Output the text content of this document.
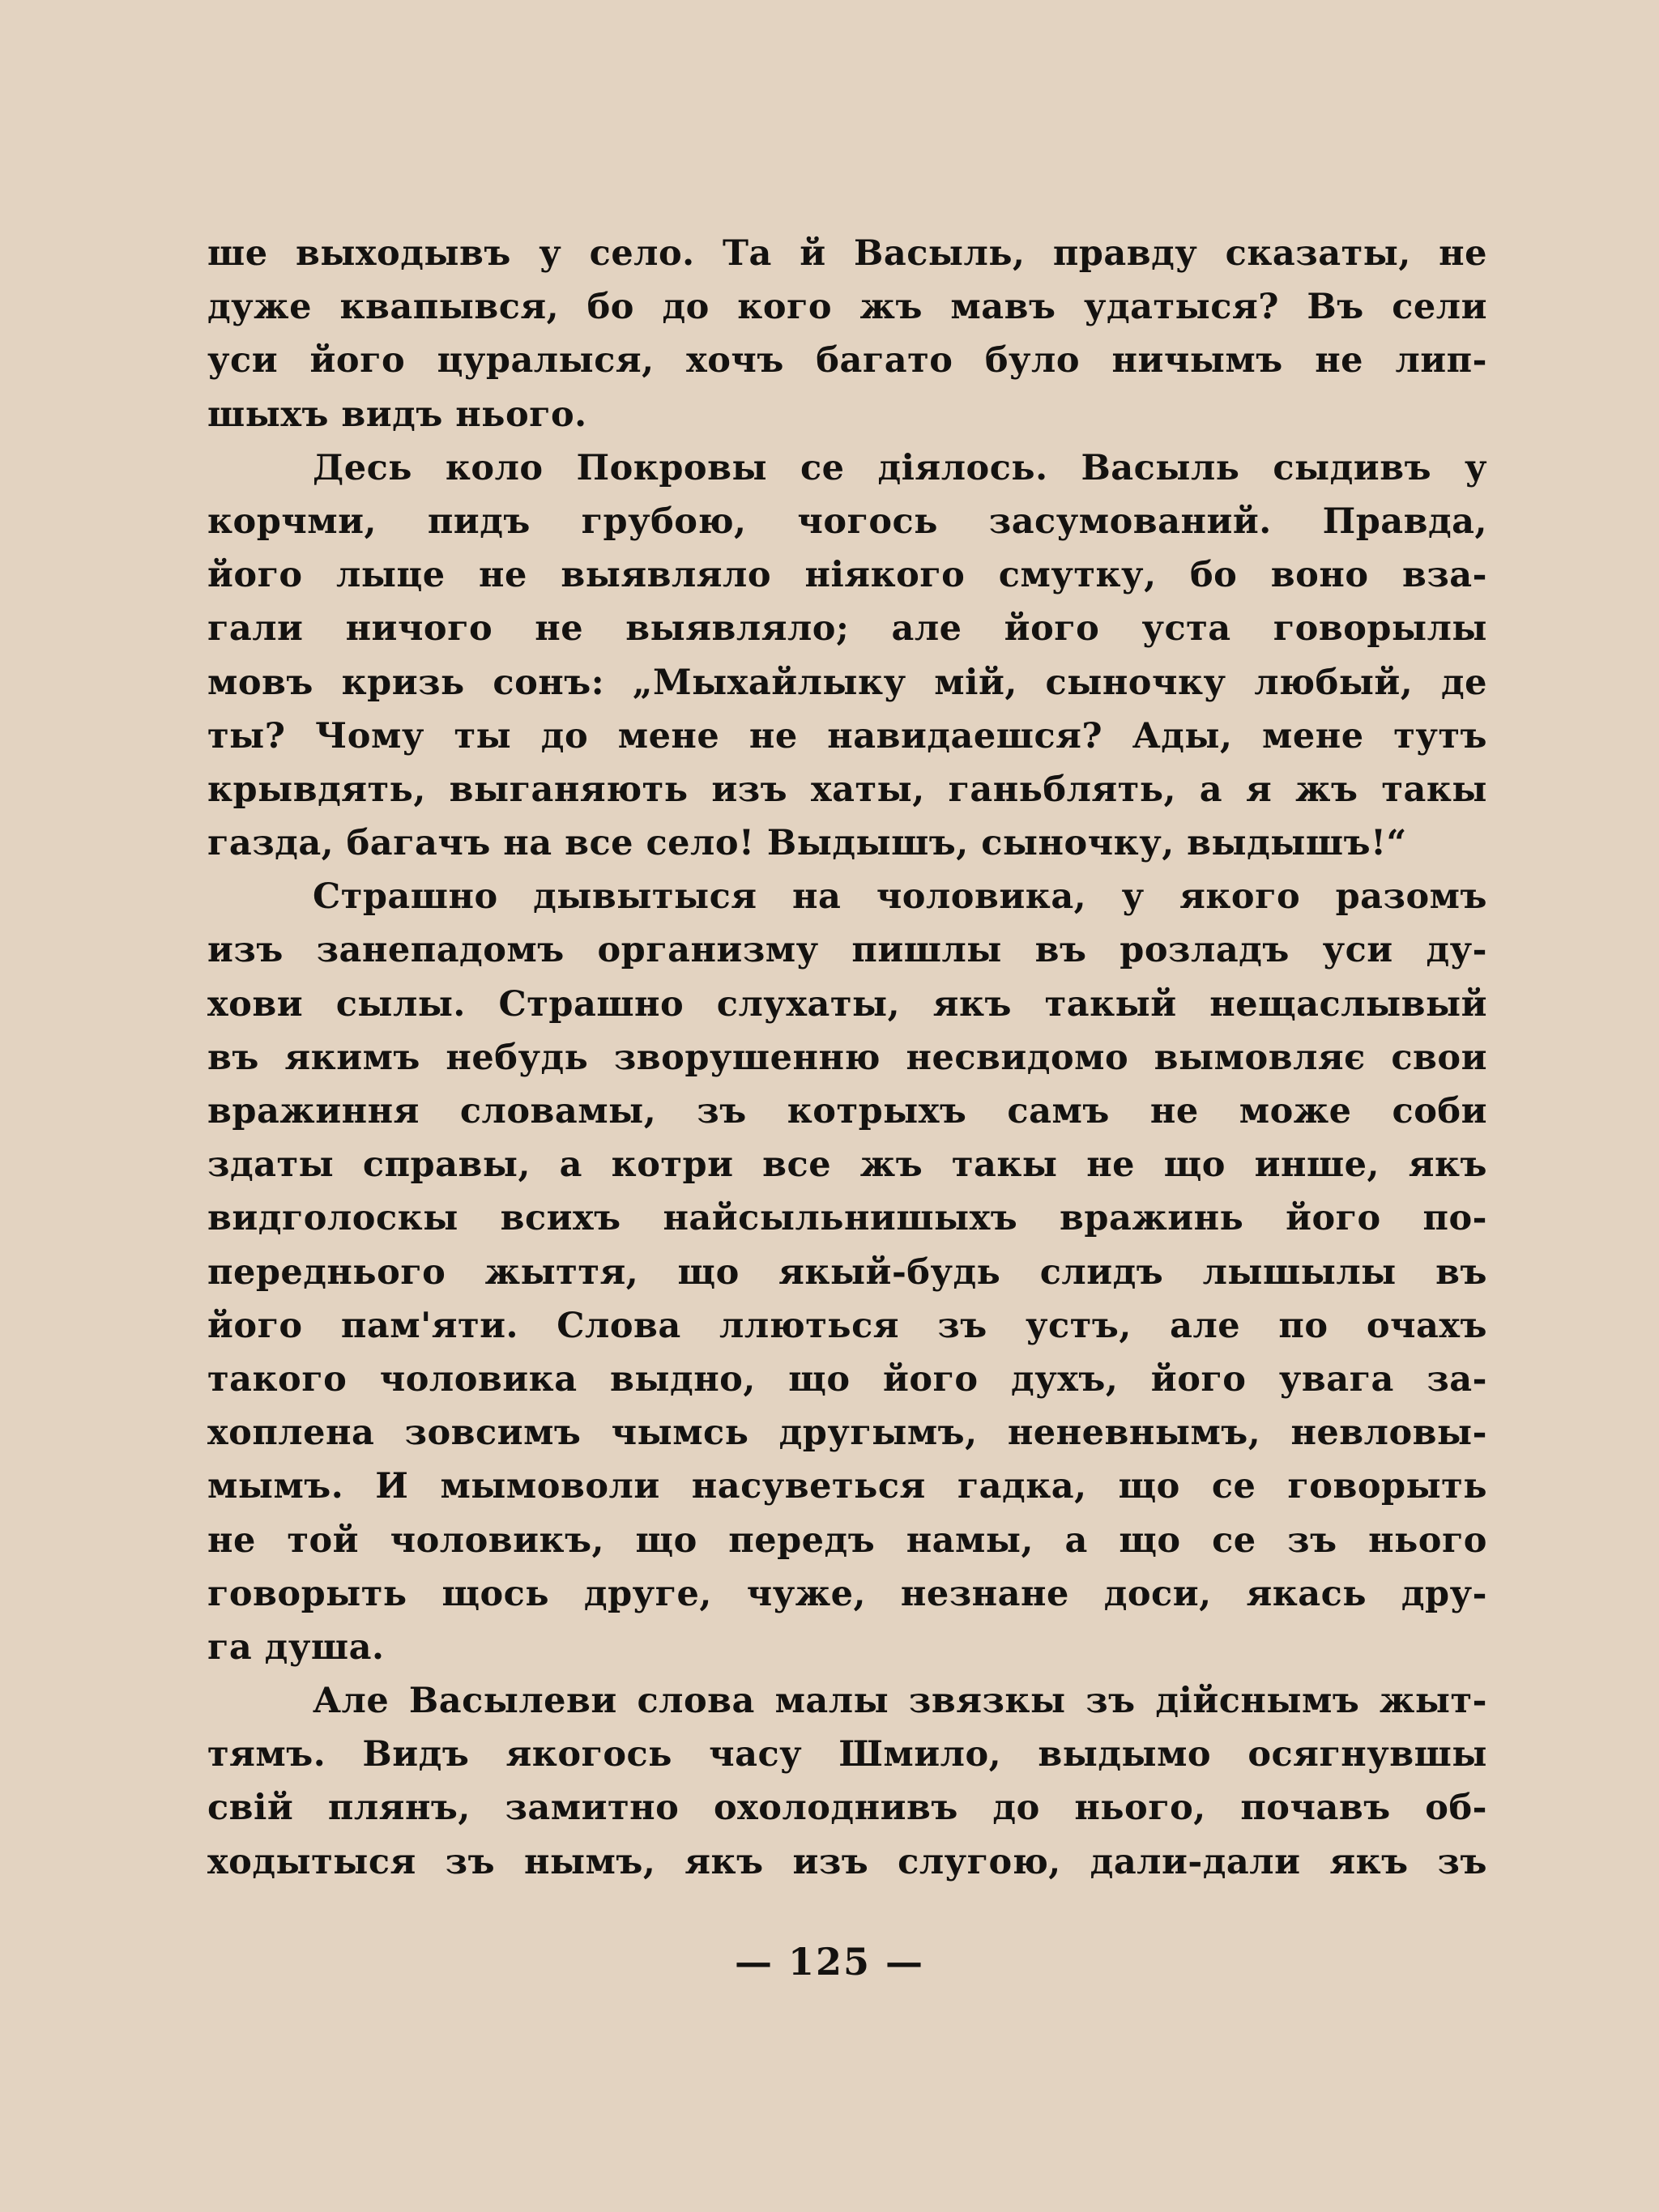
ше выходывъ у село. Та й Васыль, правду сказаты, не
дуже квапывся, бо до кого жъ мавъ удатыся? Въ сели
уси його цуралыся, хочъ багато було ничымъ не лип-
шыхъ видъ нього.
Десь коло Покровы се діялось. Васыль сыдивъ у
корчми, пидъ грубою, чогось засумований. Правда,
його лыце не выявляло ніякого смутку, бо воно вза-
гали ничого не выявляло; але його уста говорылы
мовъ кризь сонъ: „Мыхайлыку мій, сыночку любый, де
ты? Чому ты до мене не навидаешся? Ады, мене тутъ
крывдять, выганяють изъ хаты, ганьблять, а я жъ такы
газда, багачъ на все село! Выдышъ, сыночку, выдышъ!“
Страшно дывытыся на чоловика, у якого разомъ
изъ занепадомъ организму пишлы въ розладъ уси ду-
хови сылы. Страшно слухаты, якъ такый нещаслывый
въ якимъ небудь зворушенню несвидомо вымовляє свои
вражиння словамы, зъ котрыхъ самъ не може соби
здаты справы, а котри все жъ такы не що инше, якъ
видголоскы всихъ найсыльнишыхъ вражинь його по-
переднього жыття, що якый-будь слидъ лышылы въ
його пам'яти. Слова ллються зъ устъ, але по очахъ
такого чоловика выдно, що його духъ, його увага за-
хоплена зовсимъ чымсь другымъ, неневнымъ, невловы-
мымъ. И мымоволи насуветься гадка, що се говорыть
не той чоловикъ, що передъ намы, а що се зъ нього
говорыть щось друге, чуже, незнане доси, якась дру-
га душа.
Але Васылеви слова малы звязкы зъ дійснымъ жыт-
тямъ. Видъ якогось часу Шмило, выдымо осягнувшы
свій плянъ, замитно охолоднивъ до нього, почавъ об-
ходытыся зъ нымъ, якъ изъ слугою, дали-дали якъ зъ
— 125 —
